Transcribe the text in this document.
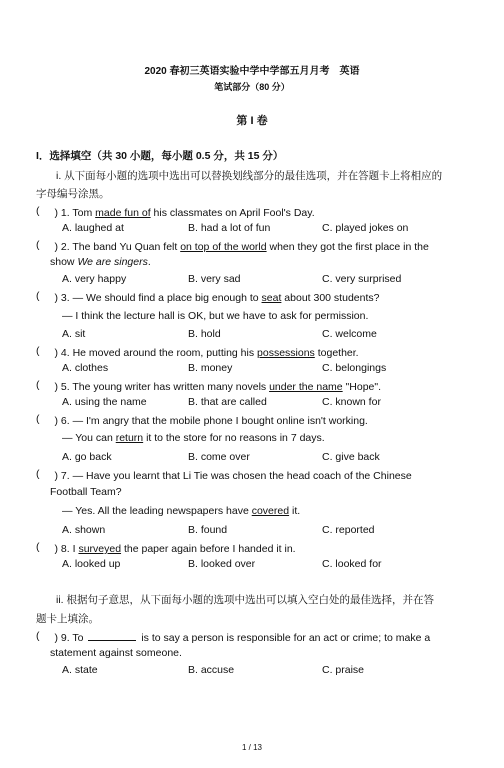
2020 春初三英语实验中学中学部五月月考　英语
笔试部分（80 分）
第 I 卷
I．选择填空（共 30 小题，每小题 0.5 分，共 15 分）
i. 从下面每小题的选项中选出可以替换划线部分的最佳选项，并在答题卡上将相应的
字母编号涂黑。
( 　) 1. Tom made fun of his classmates on April Fool's Day.
A. laughed at	B. had a lot of fun	C. played jokes on
( 　) 2. The band Yu Quan felt on top of the world when they got the first place in the
show We are singers.
A. very happy	B. very sad	C. very surprised
( 　) 3. — We should find a place big enough to seat about 300 students?
— I think the lecture hall is OK, but we have to ask for permission.
A. sit	B. hold	C. welcome
( 　) 4. He moved around the room, putting his possessions together.
A. clothes	B. money	C. belongings
( 　) 5. The young writer has written many novels under the name "Hope".
A. using the name	B. that are called	C. known for
( 　) 6. — I'm angry that the mobile phone I bought online isn't working.
— You can return it to the store for no reasons in 7 days.
A. go back	B. come over	C. give back
( 　) 7. — Have you learnt that Li Tie was chosen the head coach of the Chinese
Football Team?
— Yes. All the leading newspapers have covered it.
A. shown	B. found	C. reported
( 　) 8. I surveyed the paper again before I handed it in.
A. looked up	B. looked over	C. looked for
ii. 根据句子意思，从下面每小题的选项中选出可以填入空白处的最佳选择，并在答
题卡上填涂。
( 　) 9. To	is to say a person is responsible for an act or crime; to make a
statement against someone.
A. state	B. accuse	C. praise
1 / 13
